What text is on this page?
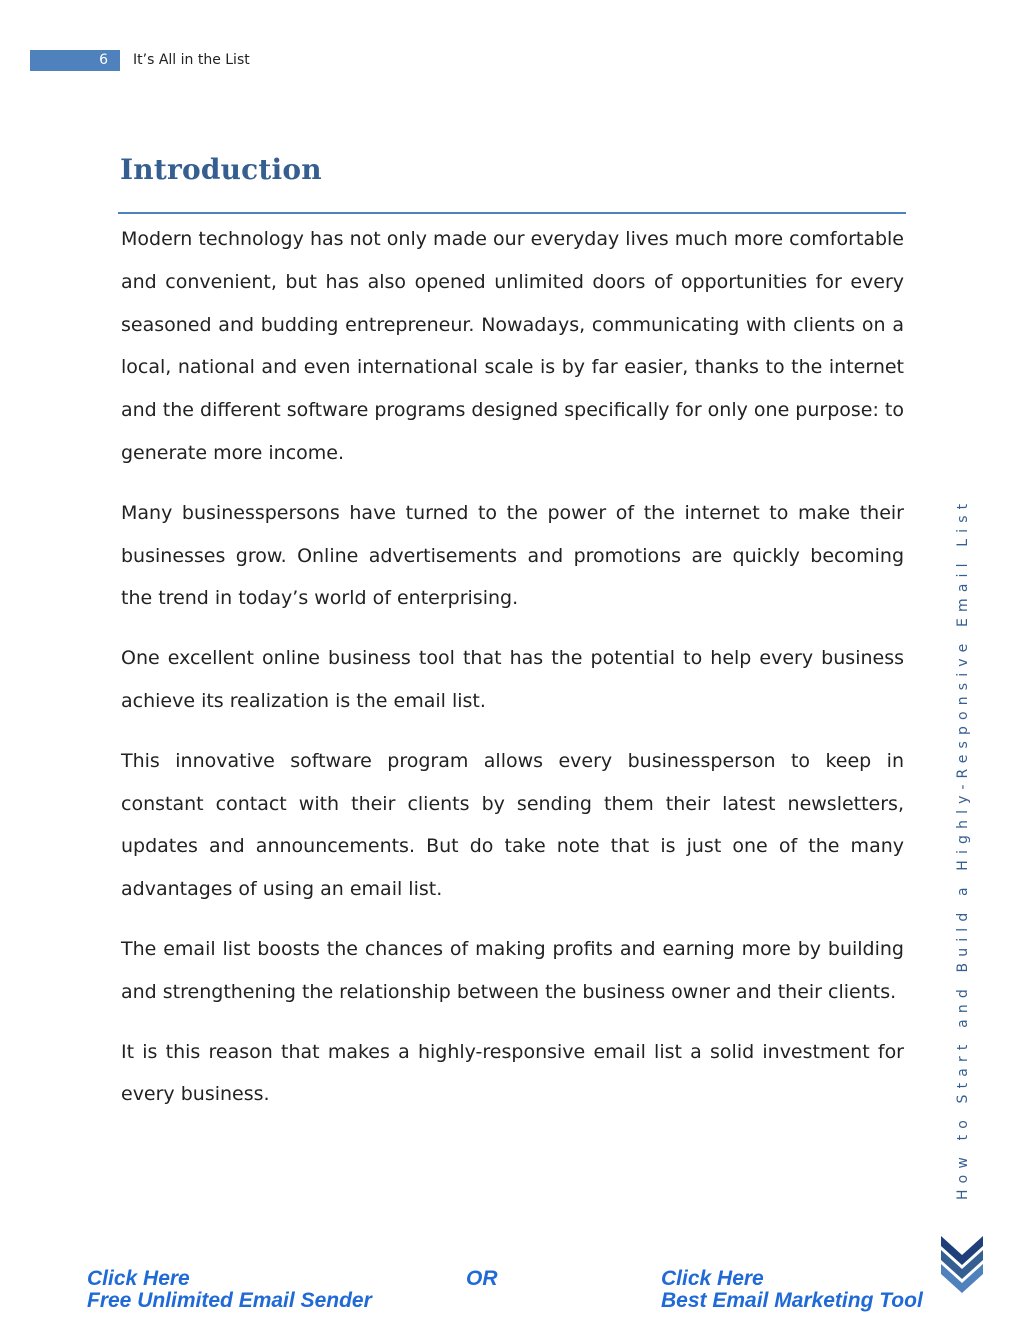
6	It’s All in the List
Introduction

Modern technology has not only made our everyday lives much more comfortable and convenient, but has also opened unlimited doors of opportunities for every seasoned and budding entrepreneur. Nowadays, communicating with clients on a local, national and even international scale is by far easier, thanks to the internet and the different software programs designed specifically for only one purpose: to generate more income.

Many businesspersons have turned to the power of the internet to make their businesses grow. Online advertisements and promotions are quickly becoming the trend in today’s world of enterprising.

One excellent online business tool that has the potential to help every business achieve its realization is the email list.

This innovative software program allows every businessperson to keep in constant contact with their clients by sending them their latest newsletters, updates and announcements. But do take note that is just one of the many advantages of using an email list.

The email list boosts the chances of making profits and earning more by building and strengthening the relationship between the business owner and their clients.

It is this reason that makes a highly-responsive email list a solid investment for every business.	How to Start and Build a Highly-Responsive Email List
Click Here
Free Unlimited Email Sender
OR	Click Here
Best Email Marketing Tool
